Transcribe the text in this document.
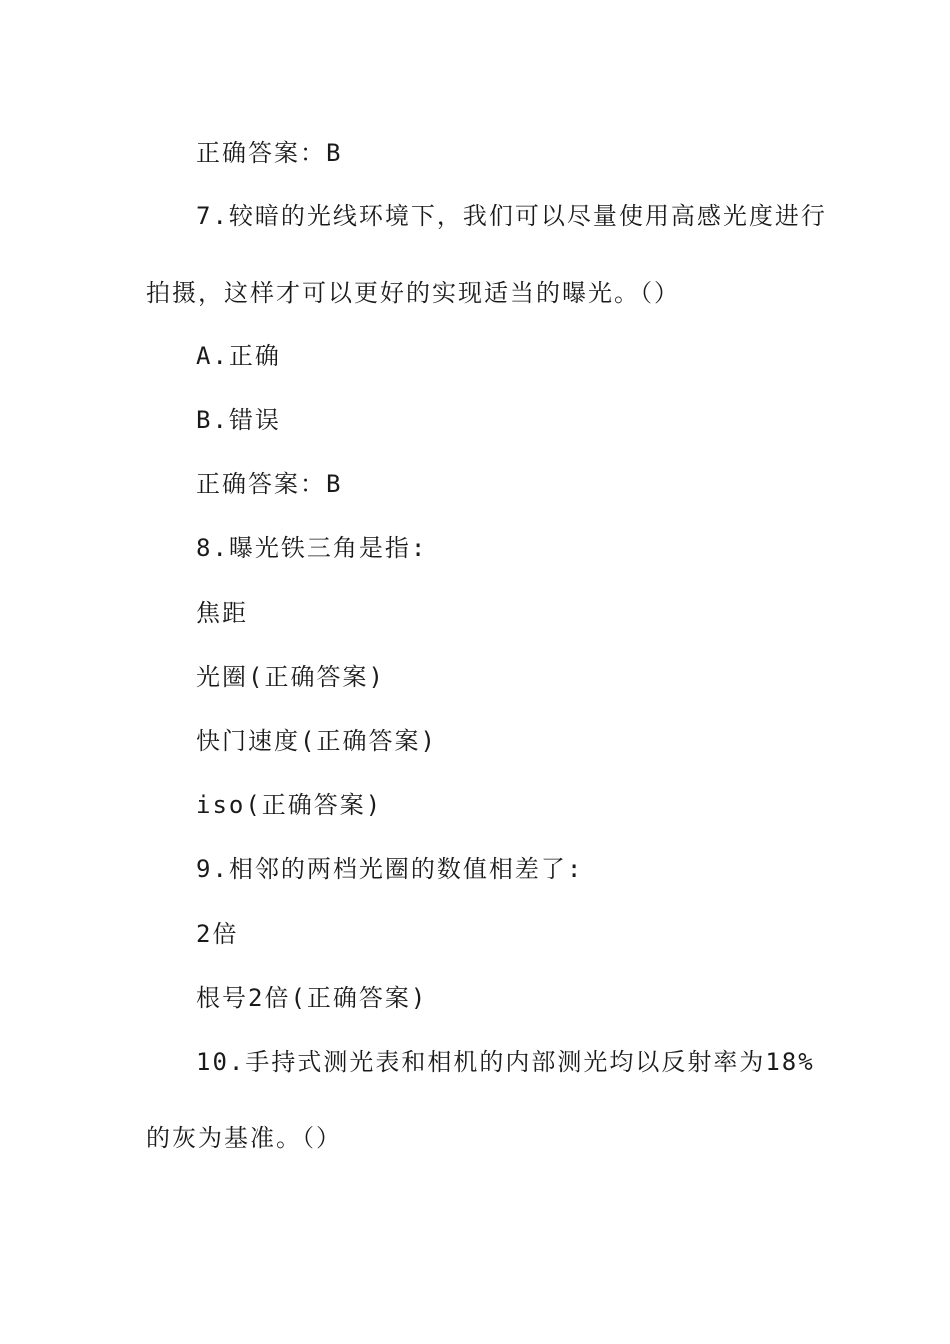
正确答案：B
7.较暗的光线环境下，我们可以尽量使用高感光度进行
拍摄，这样才可以更好的实现适当的曝光。（）
A.正确
B.错误
正确答案：B
8.曝光铁三角是指:
焦距
光圈(正确答案)
快门速度(正确答案)
iso(正确答案)
9.相邻的两档光圈的数值相差了:
2倍
根号2倍(正确答案)
10.手持式测光表和相机的内部测光均以反射率为18%
的灰为基准。（）
